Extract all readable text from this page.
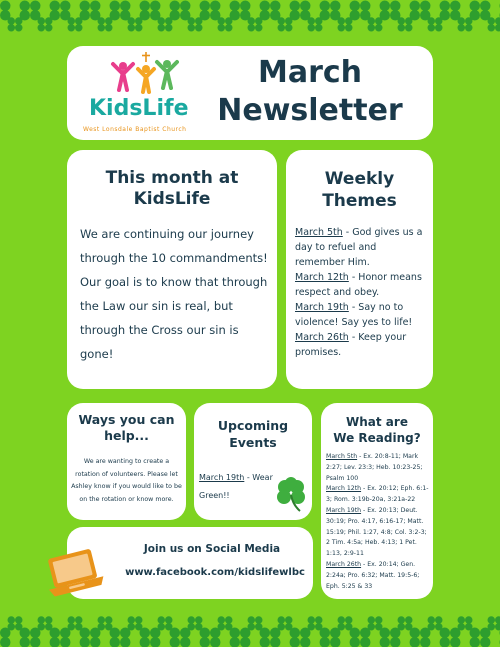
KidsLife
West Lonsdale Baptist Church
March
Newsletter
This month at
KidsLife
We are continuing our journey through the 10 commandments! Our goal is to know that through the Law our sin is real, but through the Cross our sin is gone!
Weekly
Themes
March 5th - God gives us a day to refuel and remember Him.
March 12th - Honor means respect and obey.
March 19th - Say no to violence! Say yes to life!
March 26th - Keep your promises.
Ways you can
help...
We are wanting to create a rotation of volunteers. Please let Ashley know if you would like to be on the rotation or know more.
Upcoming
Events
March 19th - Wear Green!!
What are
We Reading?
March 5th - Ex. 20:8-11; Mark 2:27; Lev. 23:3; Heb. 10:23-25; Psalm 100
March 12th - Ex. 20:12; Eph. 6:1-3; Rom. 3:19b-20a, 3:21a-22
March 19th - Ex. 20:13; Deut. 30:19; Pro. 4:17, 6:16-17; Matt. 15:19; Phil. 1:27, 4:8; Col. 3:2-3; 2 Tim. 4:5a; Heb. 4:13; 1 Pet. 1:13, 2:9-11
March 26th - Ex. 20:14; Gen. 2:24a; Pro. 6:32; Matt. 19:5-6; Eph. 5:25 & 33
Join us on Social Media
www.facebook.com/kidslifewlbc
